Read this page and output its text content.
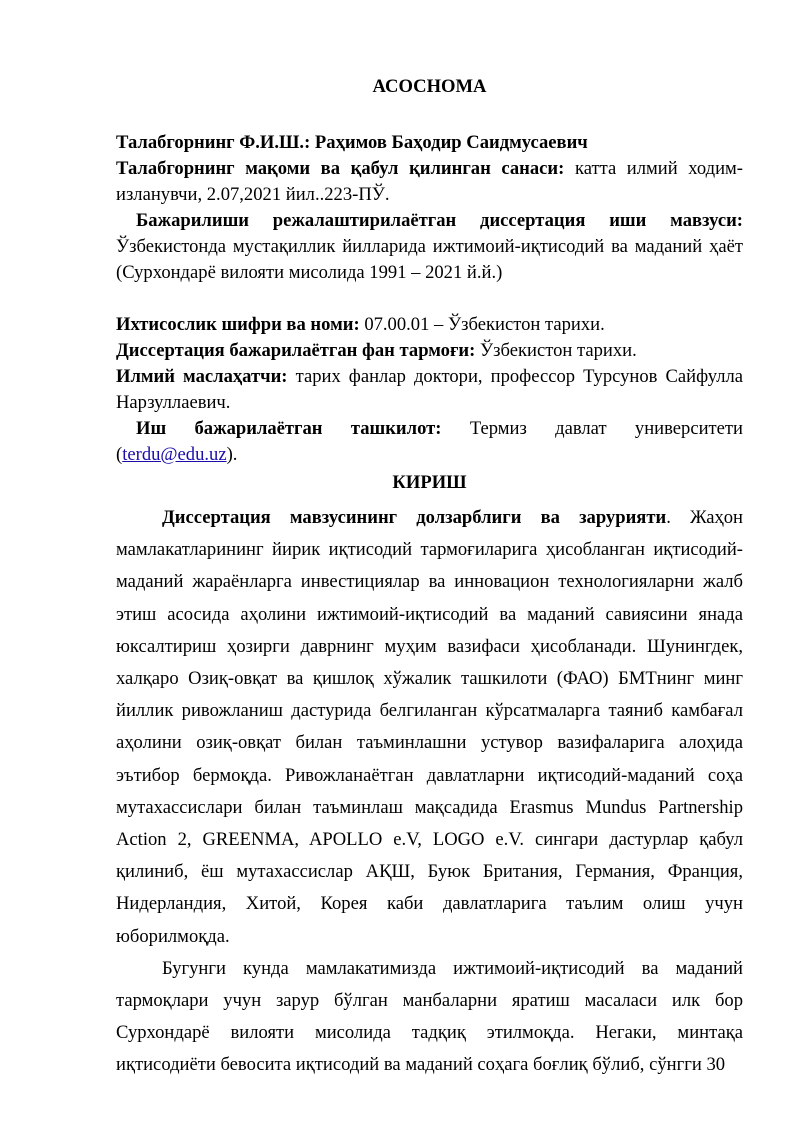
АСОСНОМА

Талабгорнинг Ф.И.Ш.: Раҳимов Баҳодир Саидмусаевич

Талабгорнинг мақоми ва қабул қилинган санаси: катта илмий ходим-изланувчи, 2.07,2021 йил..223-ПЎ.

Бажарилиши режалаштирилаётган диссертация иши мавзуси: Ўзбекистонда мустақиллик йилларида ижтимоий-иқтисодий ва маданий ҳаёт (Сурхондарё вилояти мисолида 1991 – 2021 й.й.)

Ихтисослик шифри ва номи: 07.00.01 – Ўзбекистон тарихи.

Диссертация бажарилаётган фан тармоғи: Ўзбекистон тарихи.

Илмий маслаҳатчи: тарих фанлар доктори, профессор Турсунов Сайфулла Нарзуллаевич.

Иш бажарилаётган ташкилот: Термиз давлат университети (terdu@edu.uz).

КИРИШ

Диссертация мавзусининг долзарблиги ва зарурияти. Жаҳон мамлакатларининг йирик иқтисодий тармоғиларига ҳисобланган иқтисодий-маданий жараёнларга инвестициялар ва инновацион технологияларни жалб этиш асосида аҳолини ижтимоий-иқтисодий ва маданий савиясини янада юксалтириш ҳозирги даврнинг муҳим вазифаси ҳисобланади. Шунингдек, халқаро Озиқ-овқат ва қишлоқ хўжалик ташкилоти (ФАО) БМТнинг минг йиллик ривожланиш дастурида белгиланган кўрсатмаларга таяниб камбағал аҳолини озиқ-овқат билан таъминлашни устувор вазифаларига алоҳида эътибор бермоқда. Ривожланаётган давлатларни иқтисодий-маданий соҳа мутахассислари билан таъминлаш мақсадида Erasmus Mundus Partnership Action 2, GREENMA, APOLLO e.V, LOGO e.V. сингари дастурлар қабул қилиниб, ёш мутахассислар АҚШ, Буюк Британия, Германия, Франция, Нидерландия, Хитой, Корея каби давлатларига таълим олиш учун юборилмоқда.

Бугунги кунда мамлакатимизда ижтимоий-иқтисодий ва маданий тармоқлари учун зарур бўлган манбаларни яратиш масаласи илк бор Сурхондарё вилояти мисолида тадқиқ этилмоқда. Негаки, минтақа иқтисодиёти бевосита иқтисодий ва маданий соҳага боғлиқ бўлиб, сўнгги 30
